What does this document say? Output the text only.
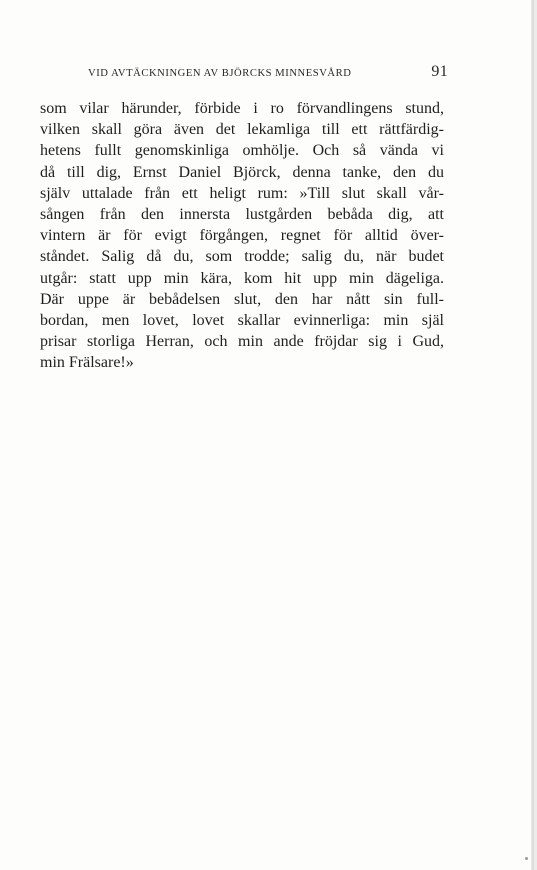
VID AVTÄCKNINGEN AV BJÖRCKS MINNESVÅRD	91
som vilar härunder, förbide i ro förvandlingens stund,
vilken skall göra även det lekamliga till ett rättfärdig-
hetens fullt genomskinliga omhölje. Och så vända vi
då till dig, Ernst Daniel Björck, denna tanke, den du
själv uttalade från ett heligt rum: »Till slut skall vår-
sången från den innersta lustgården bebåda dig, att
vintern är för evigt förgången, regnet för alltid över-
ståndet. Salig då du, som trodde; salig du, när budet
utgår: statt upp min kära, kom hit upp min dägeliga.
Där uppe är bebådelsen slut, den har nått sin full-
bordan, men lovet, lovet skallar evinnerliga: min själ
prisar storliga Herran, och min ande fröjdar sig i Gud,
min Frälsare!»
